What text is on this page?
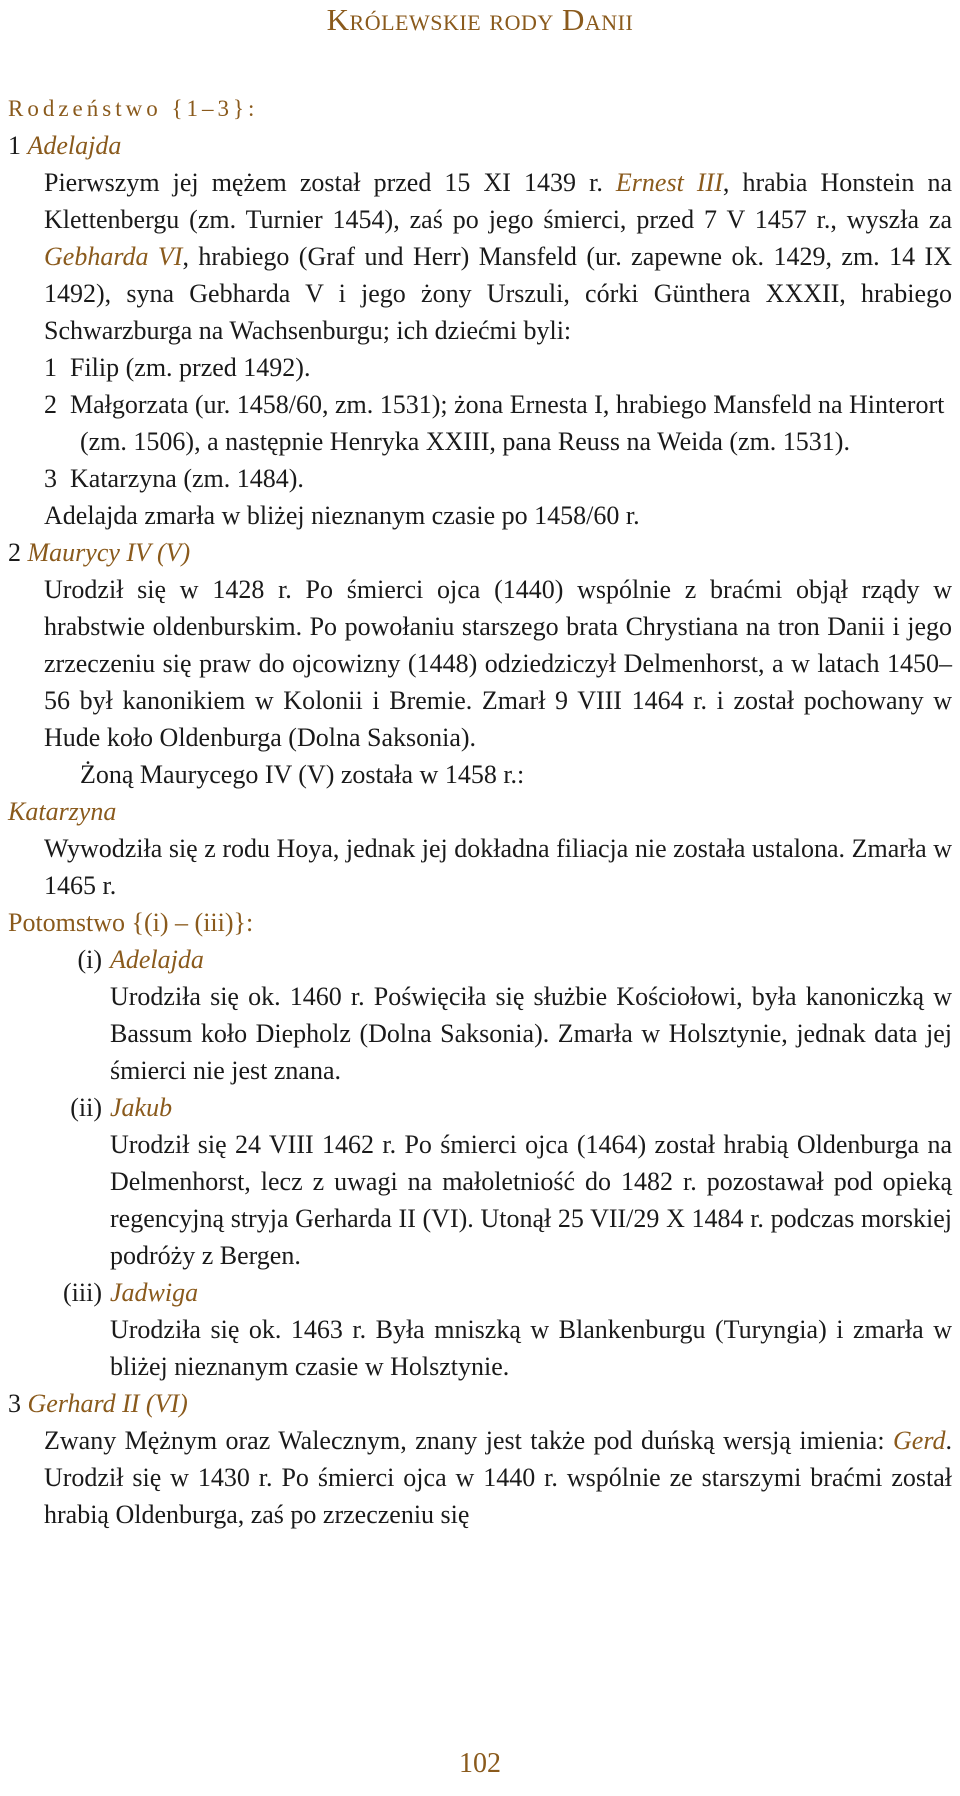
Królewskie rody Danii

Rodzeństwo {1–3}:

1 Adelajda

Pierwszym jej mężem został przed 15 XI 1439 r. Ernest III, hrabia Honstein na Klettenbergu (zm. Turnier 1454), zaś po jego śmierci, przed 7 V 1457 r., wyszła za Gebharda VI, hrabiego (Graf und Herr) Mansfeld (ur. zapewne ok. 1429, zm. 14 IX 1492), syna Gebharda V i jego żony Urszuli, córki Günthera XXXII, hrabiego Schwarzburga na Wachsenburgu; ich dziećmi byli:

1 Filip (zm. przed 1492).

2 Małgorzata (ur. 1458/60, zm. 1531); żona Ernesta I, hrabiego Mansfeld na Hinterort (zm. 1506), a następnie Henryka XXIII, pana Reuss na Weida (zm. 1531).

3 Katarzyna (zm. 1484).

Adelajda zmarła w bliżej nieznanym czasie po 1458/60 r.

2 Maurycy IV (V)

Urodził się w 1428 r. Po śmierci ojca (1440) wspólnie z braćmi objął rządy w hrabstwie oldenburskim. Po powołaniu starszego brata Chrystiana na tron Danii i jego zrzeczeniu się praw do ojcowizny (1448) odziedziczył Delmenhorst, a w latach 1450–56 był kanonikiem w Kolonii i Bremie. Zmarł 9 VIII 1464 r. i został pochowany w Hude koło Oldenburga (Dolna Saksonia).

Żoną Maurycego IV (V) została w 1458 r.:

Katarzyna

Wywodziła się z rodu Hoya, jednak jej dokładna filiacja nie została ustalona. Zmarła w 1465 r.

Potomstwo {(i) – (iii)}:

(i) Adelajda

Urodziła się ok. 1460 r. Poświęciła się służbie Kościołowi, była kanoniczką w Bassum koło Diepholz (Dolna Saksonia). Zmarła w Holsztynie, jednak data jej śmierci nie jest znana.

(ii) Jakub

Urodził się 24 VIII 1462 r. Po śmierci ojca (1464) został hrabią Oldenburga na Delmenhorst, lecz z uwagi na małoletniość do 1482 r. pozostawał pod opieką regencyjną stryja Gerharda II (VI). Utonął 25 VII/29 X 1484 r. podczas morskiej podróży z Bergen.

(iii) Jadwiga

Urodziła się ok. 1463 r. Była mniszką w Blankenburgu (Turyngia) i zmarła w bliżej nieznanym czasie w Holsztynie.

3 Gerhard II (VI)

Zwany Mężnym oraz Walecznym, znany jest także pod duńską wersją imienia: Gerd. Urodził się w 1430 r. Po śmierci ojca w 1440 r. wspólnie ze starszymi braćmi został hrabią Oldenburga, zaś po zrzeczeniu się

102
